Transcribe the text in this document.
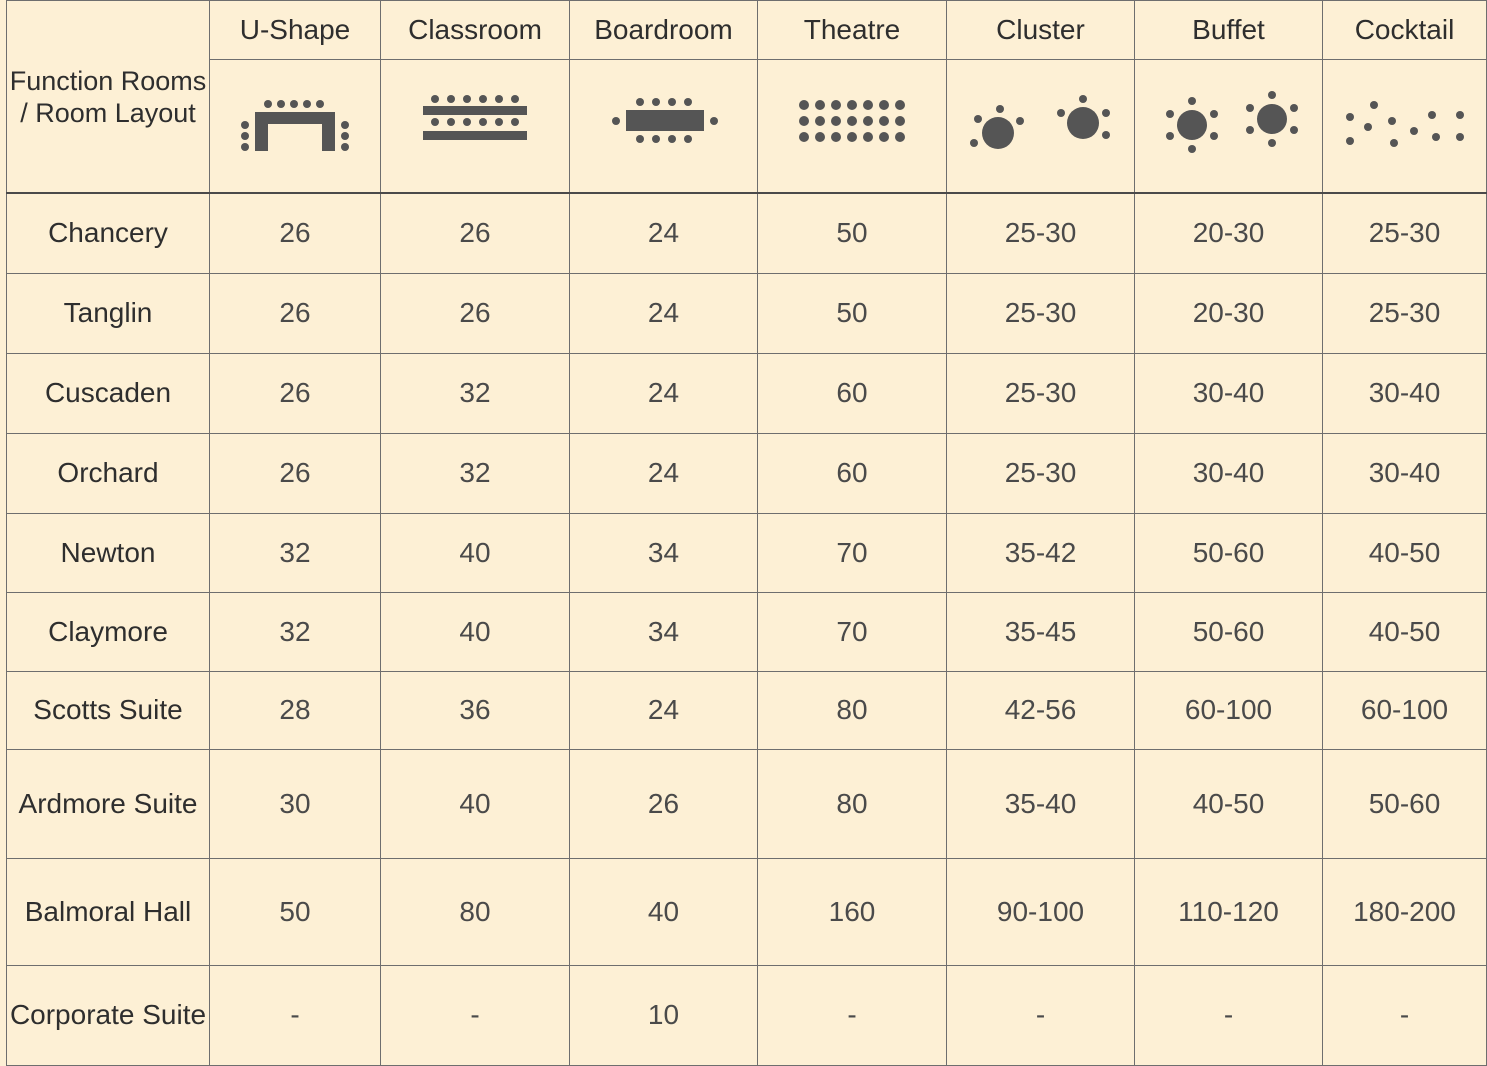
Function Rooms / Room Layout	U-Shape	Classroom	Boardroom	Theatre	Cluster	Buffet	Cocktail

Chancery	26	26	24	50	25-30	20-30	25-30
Tanglin	26	26	24	50	25-30	20-30	25-30
Cuscaden	26	32	24	60	25-30	30-40	30-40
Orchard	26	32	24	60	25-30	30-40	30-40
Newton	32	40	34	70	35-42	50-60	40-50
Claymore	32	40	34	70	35-45	50-60	40-50
Scotts Suite	28	36	24	80	42-56	60-100	60-100
Ardmore Suite	30	40	26	80	35-40	40-50	50-60
Balmoral Hall	50	80	40	160	90-100	110-120	180-200
Corporate Suite	-	-	10	-	-	-	-
